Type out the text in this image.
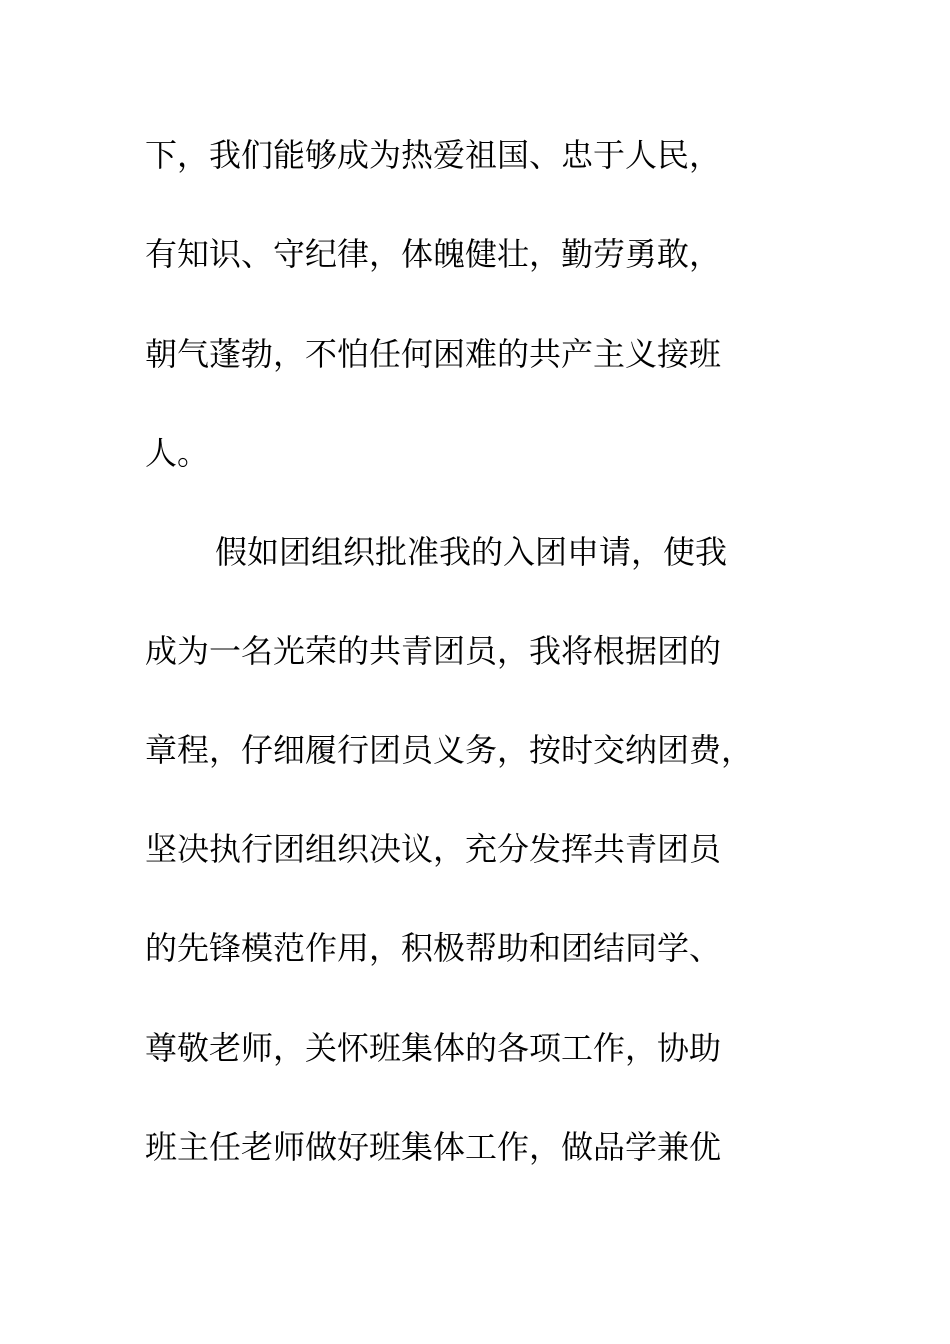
下，我们能够成为热爱祖国、忠于人民，

有知识、守纪律，体魄健壮，勤劳勇敢，

朝气蓬勃，不怕任何困难的共产主义接班

人。

假如团组织批准我的入团申请，使我

成为一名光荣的共青团员，我将根据团的

章程，仔细履行团员义务，按时交纳团费，

坚决执行团组织决议，充分发挥共青团员

的先锋模范作用，积极帮助和团结同学、

尊敬老师，关怀班集体的各项工作，协助

班主任老师做好班集体工作，做品学兼优
